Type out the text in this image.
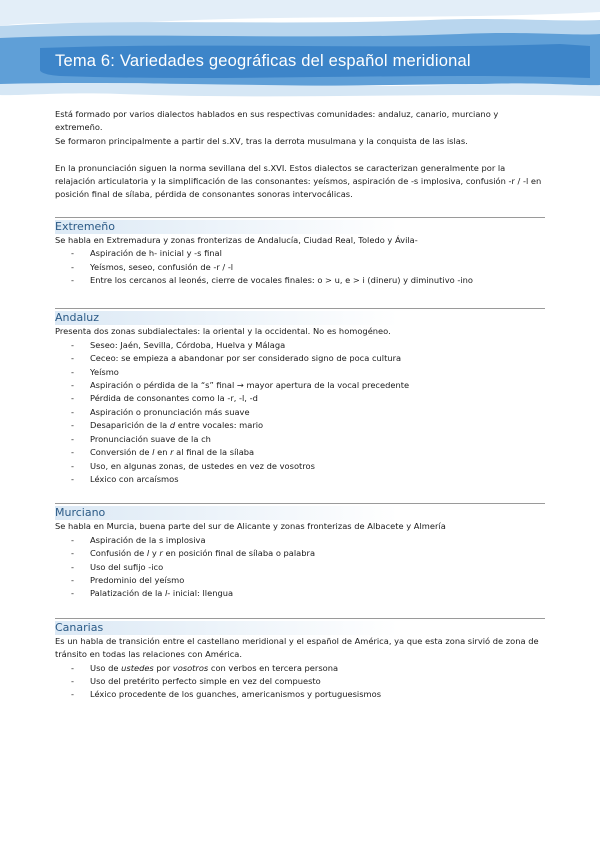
Tema 6: Variedades geográficas del español meridional

Está formado por varios dialectos hablados en sus respectivas comunidades: andaluz, canario, murciano y extremeño.

Se formaron principalmente a partir del s.XV, tras la derrota musulmana y la conquista de las islas.

En la pronunciación siguen la norma sevillana del s.XVI. Estos dialectos se caracterizan generalmente por la relajación articulatoria y la simplificación de las consonantes: yeísmos, aspiración de -s implosiva, confusión -r / -l en posición final de sílaba, pérdida de consonantes sonoras intervocálicas.

Extremeño

Se habla en Extremadura y zonas fronterizas de Andalucía, Ciudad Real, Toledo y Ávila-

- Aspiración de h- inicial y -s final
- Yeísmos, seseo, confusión de -r / -l
- Entre los cercanos al leonés, cierre de vocales finales: o > u, e > i (dineru) y diminutivo -ino
Andaluz

Presenta dos zonas subdialectales: la oriental y la occidental. No es homogéneo.

- Seseo: Jaén, Sevilla, Córdoba, Huelva y Málaga
- Ceceo: se empieza a abandonar por ser considerado signo de poca cultura
- Yeísmo
- Aspiración o pérdida de la “s” final → mayor apertura de la vocal precedente
- Pérdida de consonantes como la -r, -l, -d
- Aspiración o pronunciación más suave
- Desaparición de la d entre vocales: mario
- Pronunciación suave de la ch
- Conversión de l en r al final de la sílaba
- Uso, en algunas zonas, de ustedes en vez de vosotros
- Léxico con arcaísmos
Murciano

Se habla en Murcia, buena parte del sur de Alicante y zonas fronterizas de Albacete y Almería

- Aspiración de la s implosiva
- Confusión de l y r en posición final de sílaba o palabra
- Uso del sufijo -ico
- Predominio del yeísmo
- Palatización de la l- inicial: llengua
Canarias

Es un habla de transición entre el castellano meridional y el español de América, ya que esta zona sirvió de zona de tránsito en todas las relaciones con América.

- Uso de ustedes por vosotros con verbos en tercera persona
- Uso del pretérito perfecto simple en vez del compuesto
- Léxico procedente de los guanches, americanismos y portuguesismos
